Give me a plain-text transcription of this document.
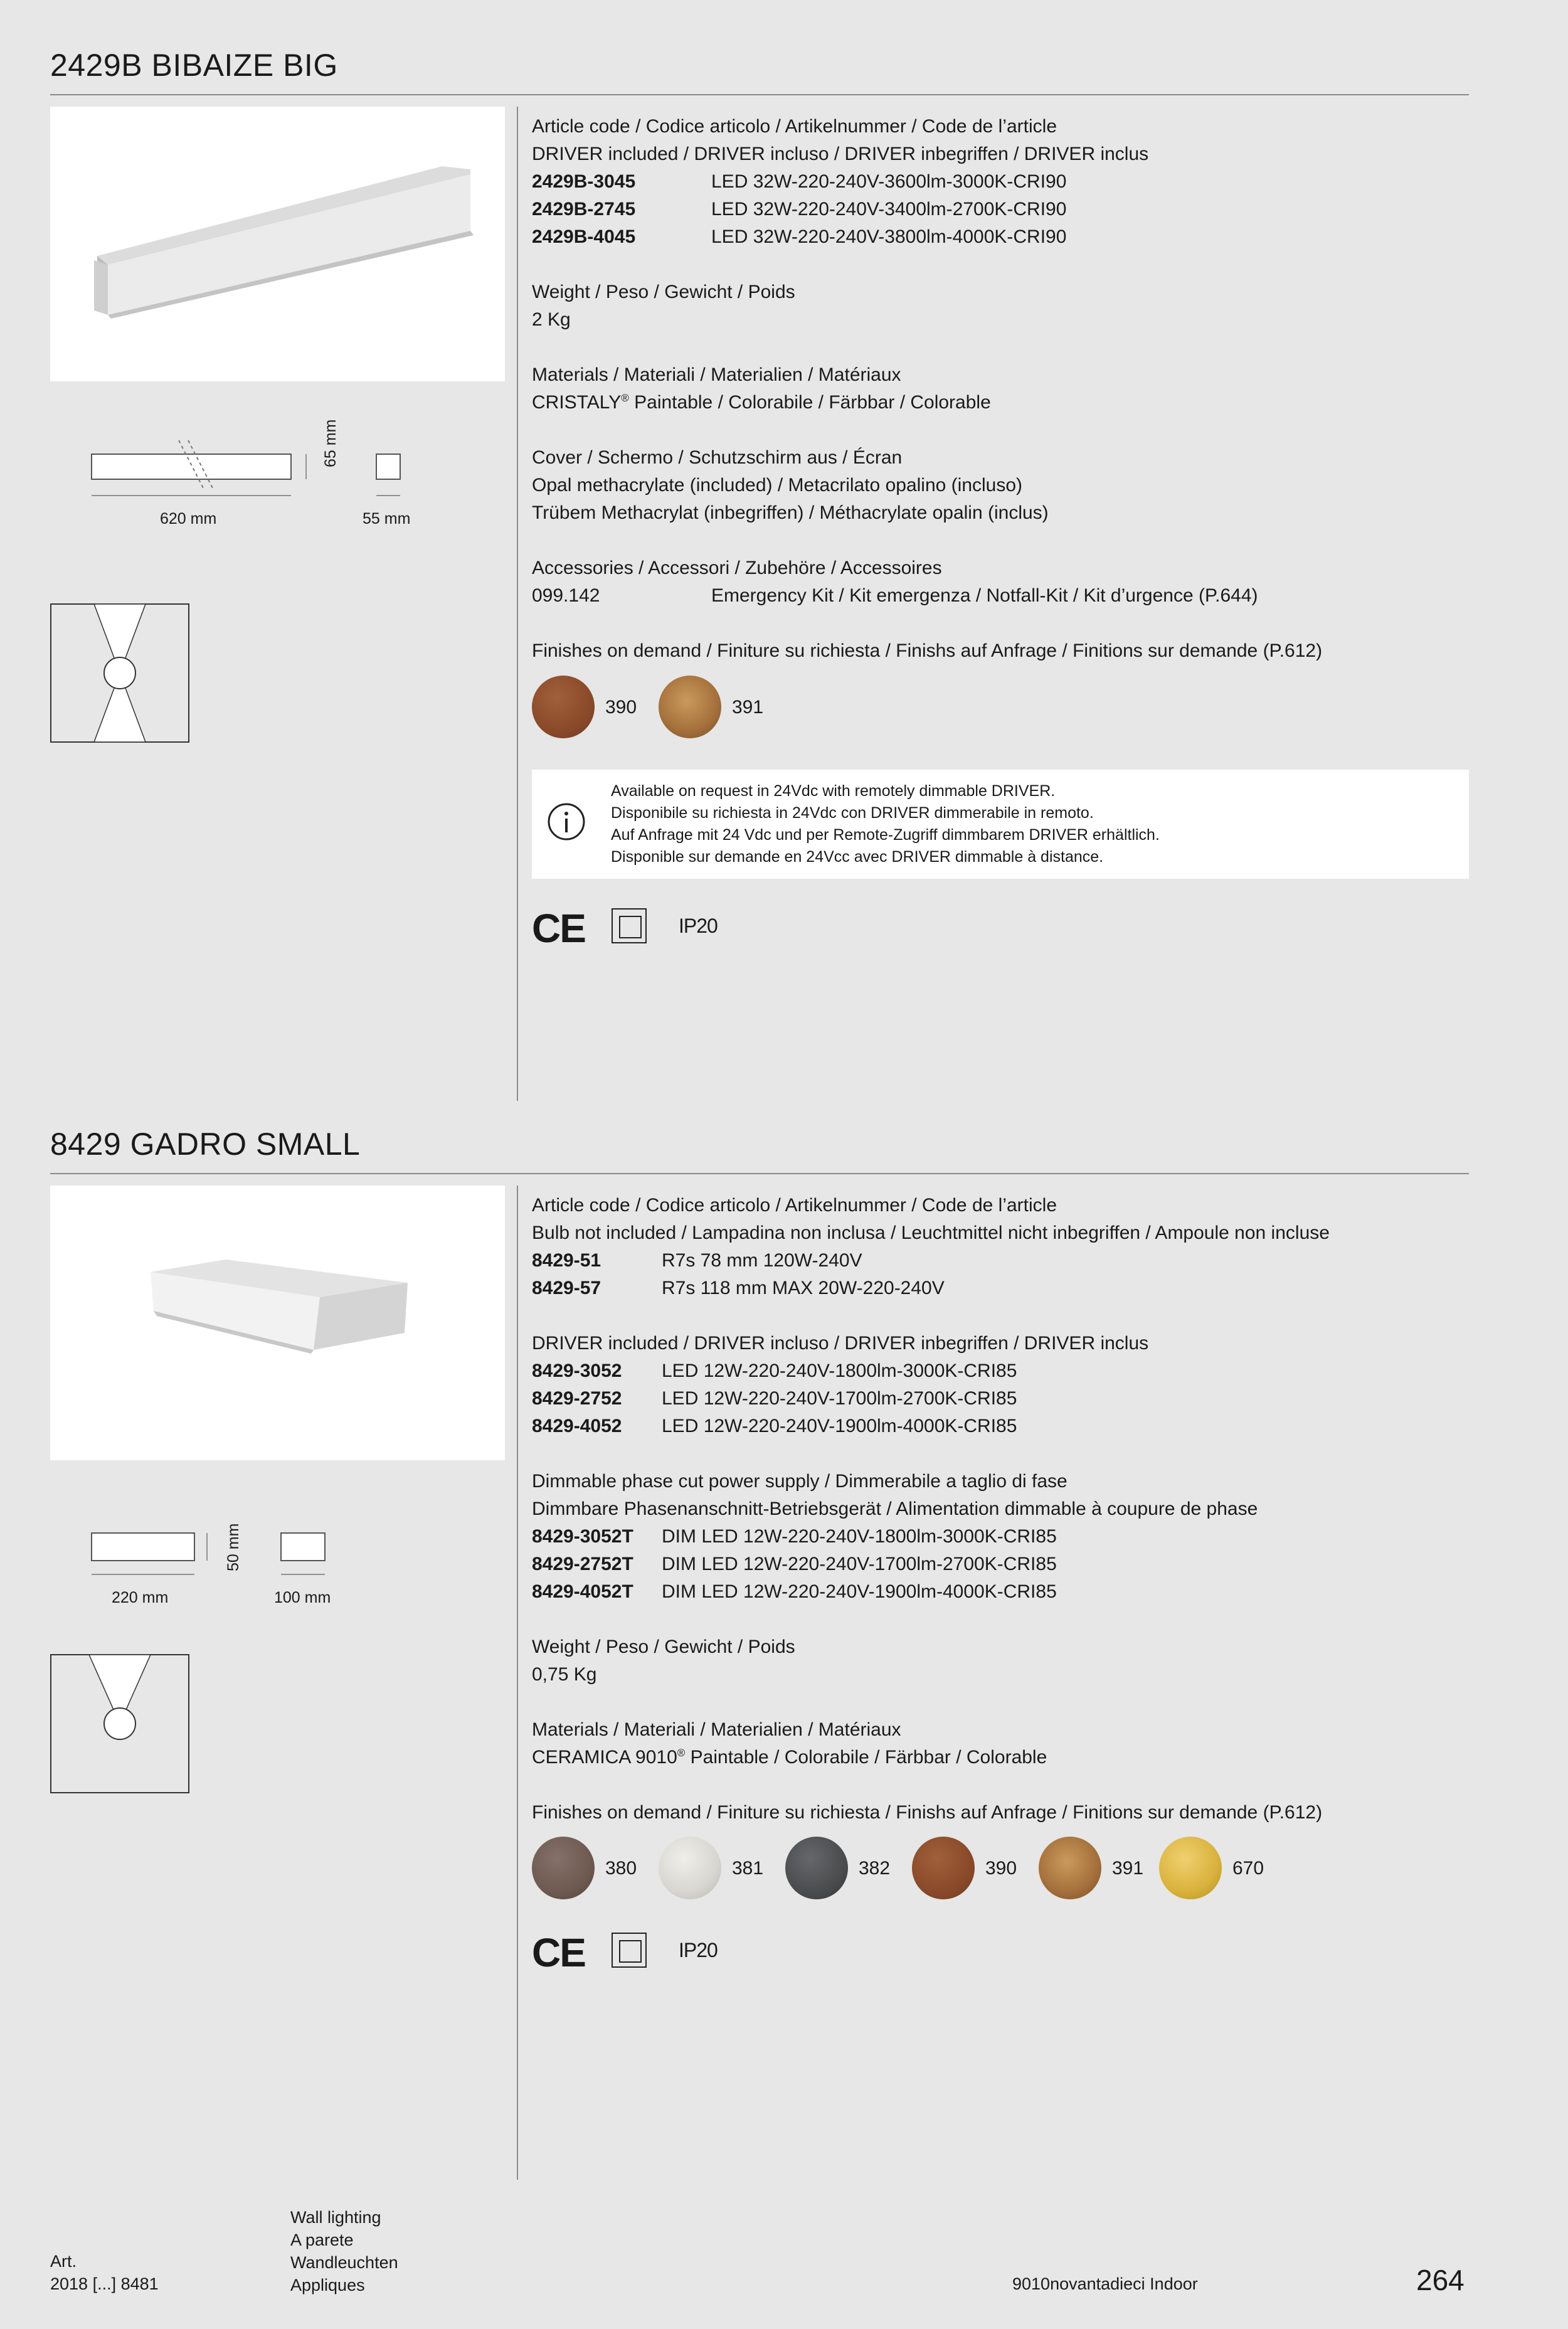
2429B BIBAIZE BIG
620 mm	55 mm
65 mm
Article code / Codice articolo / Artikelnummer / Code de l’article
DRIVER included / DRIVER incluso / DRIVER inbegriffen / DRIVER inclus
2429B-3045	LED 32W-220-240V-3600lm-3000K-CRI90
2429B-2745	LED 32W-220-240V-3400lm-2700K-CRI90
2429B-4045	LED 32W-220-240V-3800lm-4000K-CRI90
Weight / Peso / Gewicht / Poids
2 Kg
Materials / Materiali / Materialien / Matériaux
CRISTALY® Paintable / Colorabile / Färbbar / Colorable
Cover / Schermo / Schutzschirm aus / Écran
Opal methacrylate (included) / Metacrilato opalino (incluso)
Trübem Methacrylat (inbegriffen) / Méthacrylate opalin (inclus)
Accessories / Accessori / Zubehöre / Accessoires
099.142	Emergency Kit / Kit emergenza / Notfall-Kit / Kit d’urgence (P.644)
Finishes on demand / Finiture su richiesta / Finishs auf Anfrage / Finitions sur demande (P.612)
390	391
Available on request in 24Vdc with remotely dimmable DRIVER.
Disponibile su richiesta in 24Vdc con DRIVER dimmerabile in remoto.
Auf Anfrage mit 24 Vdc und per Remote-Zugriff dimmbarem DRIVER erhältlich.
Disponible sur demande en 24Vcc avec DRIVER dimmable à distance.
CE	IP20
8429 GADRO SMALL
220 mm	100 mm
50 mm
Article code / Codice articolo / Artikelnummer / Code de l’article
Bulb not included / Lampadina non inclusa / Leuchtmittel nicht inbegriffen / Ampoule non incluse
8429-51	R7s 78 mm 120W-240V
8429-57	R7s 118 mm MAX 20W-220-240V
DRIVER included / DRIVER incluso / DRIVER inbegriffen / DRIVER inclus
8429-3052 LED 12W-220-240V-1800lm-3000K-CRI85
8429-2752 LED 12W-220-240V-1700lm-2700K-CRI85
8429-4052 LED 12W-220-240V-1900lm-4000K-CRI85
Dimmable phase cut power supply / Dimmerabile a taglio di fase
Dimmbare Phasenanschnitt-Betriebsgerät / Alimentation dimmable à coupure de phase
8429-3052T DIM LED 12W-220-240V-1800lm-3000K-CRI85
8429-2752T DIM LED 12W-220-240V-1700lm-2700K-CRI85
8429-4052T DIM LED 12W-220-240V-1900lm-4000K-CRI85
Weight / Peso / Gewicht / Poids
0,75 Kg
Materials / Materiali / Materialien / Matériaux
CERAMICA 9010® Paintable / Colorabile / Färbbar / Colorable
Finishes on demand / Finiture su richiesta / Finishs auf Anfrage / Finitions sur demande (P.612)
380	381	382	390	391	670
CE	IP20
Art.
2018 [...] 8481
Wall lighting
A parete
Wandleuchten
Appliques	9010novantadieci Indoor	264
